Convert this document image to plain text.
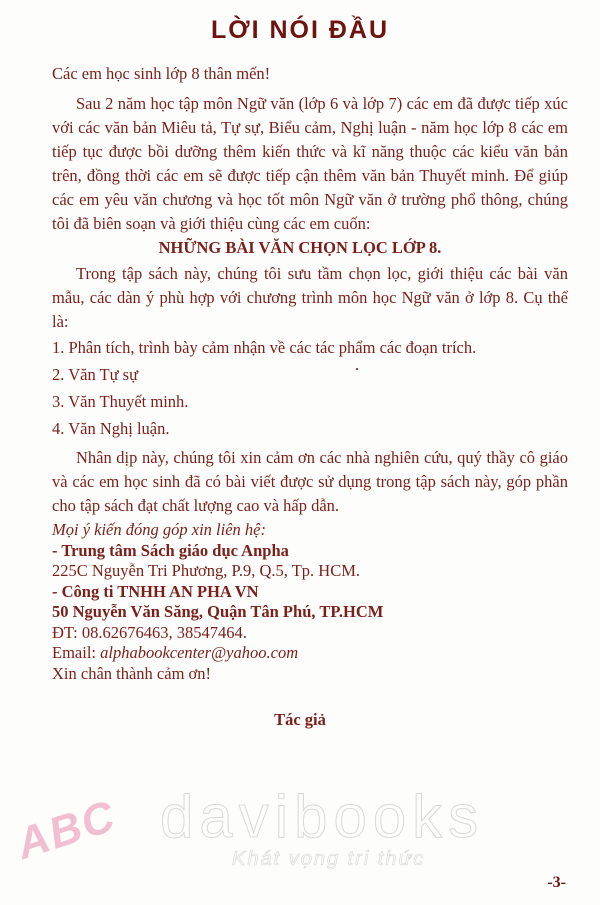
LỜI NÓI ĐẦU

Các em học sinh lớp 8 thân mến!

Sau 2 năm học tập môn Ngữ văn (lớp 6 và lớp 7) các em đã được tiếp xúc với các văn bản Miêu tả, Tự sự, Biểu cảm, Nghị luận - năm học lớp 8 các em tiếp tục được bồi dưỡng thêm kiến thức và kĩ năng thuộc các kiểu văn bản trên, đồng thời các em sẽ được tiếp cận thêm văn bản Thuyết minh. Để giúp các em yêu văn chương và học tốt môn Ngữ văn ở trường phổ thông, chúng tôi đã biên soạn và giới thiệu cùng các em cuốn:

NHỮNG BÀI VĂN CHỌN LỌC LỚP 8.

Trong tập sách này, chúng tôi sưu tầm chọn lọc, giới thiệu các bài văn mẫu, các dàn ý phù hợp với chương trình môn học Ngữ văn ở lớp 8. Cụ thể là:

1. Phân tích, trình bày cảm nhận về các tác phẩm các đoạn trích.

2. Văn Tự sự

3. Văn Thuyết minh.

4. Văn Nghị luận.

Nhân dịp này, chúng tôi xin cảm ơn các nhà nghiên cứu, quý thầy cô giáo và các em học sinh đã có bài viết được sử dụng trong tập sách này, góp phần cho tập sách đạt chất lượng cao và hấp dẫn.

Mọi ý kiến đóng góp xin liên hệ:
- Trung tâm Sách giáo dục Anpha
225C Nguyễn Tri Phương, P.9, Q.5, Tp. HCM.
- Công ti TNHH AN PHA VN
50 Nguyễn Văn Săng, Quận Tân Phú, TP.HCM
ĐT: 08.62676463, 38547464.
Email: alphabookcenter@yahoo.com
Xin chân thành cảm ơn!

Tác giả

davibooks
Khát vọng tri thức
ABC
-3-
